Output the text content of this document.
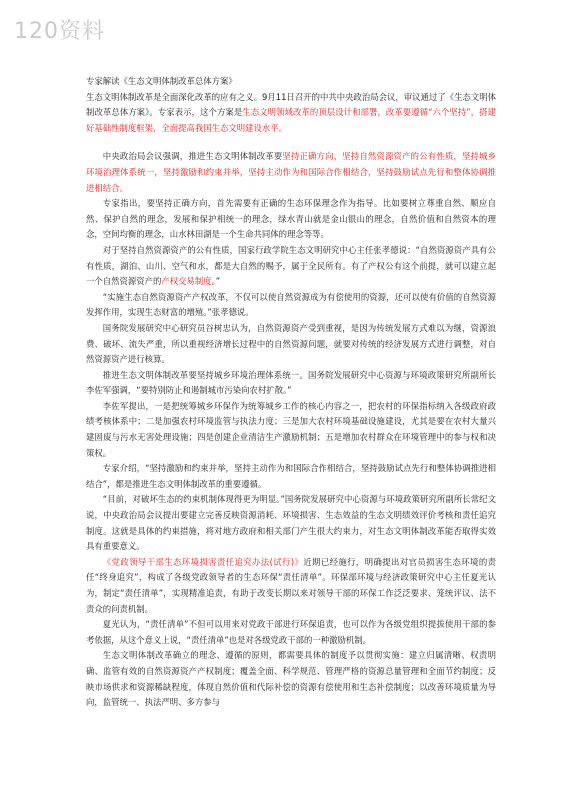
120资料

专家解读《生态文明体制改革总体方案》

生态文明体制改革是全面深化改革的应有之义。9月11日召开的中共中央政治局会议，审议通过了《生态文明体制改革总体方案》。专家表示，这个方案是生态文明领域改革的顶层设计和部署，改革要遵循“六个坚持”，搭建好基础性制度框架，全面提高我国生态文明建设水平。

中央政治局会议强调，推进生态文明体制改革要坚持正确方向，坚持自然资源资产的公有性质，坚持城乡环境治理体系统一，坚持激励和约束并举，坚持主动作为和国际合作相结合，坚持鼓励试点先行和整体协调推进相结合。

专家指出，要坚持正确方向，首先需要有正确的生态环保理念作为指导。比如要树立尊重自然、顺应自然、保护自然的理念，发展和保护相统一的理念，绿水青山就是金山银山的理念，自然价值和自然资本的理念，空间均衡的理念，山水林田湖是一个生命共同体的理念等等。

对于坚持自然资源资产的公有性质，国家行政学院生态文明研究中心主任张孝德说：“自然资源资产具有公有性质，湖泊、山川、空气和水，都是大自然的赐予，属于全民所有。有了产权公有这个前提，就可以建立起一个自然资源资产的产权交易制度。”

“实施生态自然资源资产产权改革，不仅可以使自然资源成为有偿使用的资源，还可以使有价值的自然资源发挥作用，实现生态财富的增殖。”张孝德说。

国务院发展研究中心研究员谷树忠认为，自然资源资产受到重视，是因为传统发展方式难以为继，资源浪费、破坏、流失严重，所以重视经济增长过程中的自然资源问题，就要对传统的经济发展方式进行调整，对自然资源资产进行核算。

推进生态文明体制改革要坚持城乡环境治理体系统一。国务院发展研究中心资源与环境政策研究所副所长李佐军强调，“要特别防止和遏制城市污染向农村扩散。”

李佐军提出，一是把统筹城乡环保作为统筹城乡工作的核心内容之一，把农村的环保指标纳入各级政府政绩考核体系中；二是加强农村环境监管与执法力度；三是加大农村环境基础设施建设，尤其是要在农村大量兴建固废与污水无害处理设施；四是创建企业清洁生产激励机制；五是增加农村群众在环境管理中的参与权和决策权。

专家介绍，“坚持激励和约束并举，坚持主动作为和国际合作相结合，坚持鼓励试点先行和整体协调推进相结合”，都是推进生态文明体制改革的重要遵循。

“目前，对破坏生态的约束机制体现得更为明显。”国务院发展研究中心资源与环境政策研究所副所长常纪文说，中央政治局会议提出要建立完善反映资源消耗、环境损害、生态效益的生态文明绩效评价考核和责任追究制度。这就是具体的约束措施，将对地方政府和相关部门产生很大约束力，对生态文明体制改革能否取得实效具有重要意义。

《党政领导干部生态环境损害责任追究办法(试行)》近期已经施行，明确提出对官员损害生态环境的责任“终身追究”，构成了各级党政领导者的生态环保“责任清单”。环保部环境与经济政策研究中心主任夏光认为，制定“责任清单”，实现精准追责，有助于改变长期以来对领导干部的环保工作泛泛要求、笼统评议、法不责众的问责机制。

夏光认为，“责任清单”不但可以用来对党政干部进行环保追责，也可以作为各级党组织提拔使用干部的参考依据，从这个意义上说，“责任清单”也是对各级党政干部的一种激励机制。

生态文明体制改革确立的理念、遵循的原则，都需要具体的制度予以贯彻实施：建立归属清晰、权责明确、监管有效的自然资源资产产权制度；覆盖全面、科学规范、管理严格的资源总量管理和全面节约制度；反映市场供求和资源稀缺程度，体现自然价值和代际补偿的资源有偿使用和生态补偿制度；以改善环境质量为导向，监管统一、执法严明、多方参与
